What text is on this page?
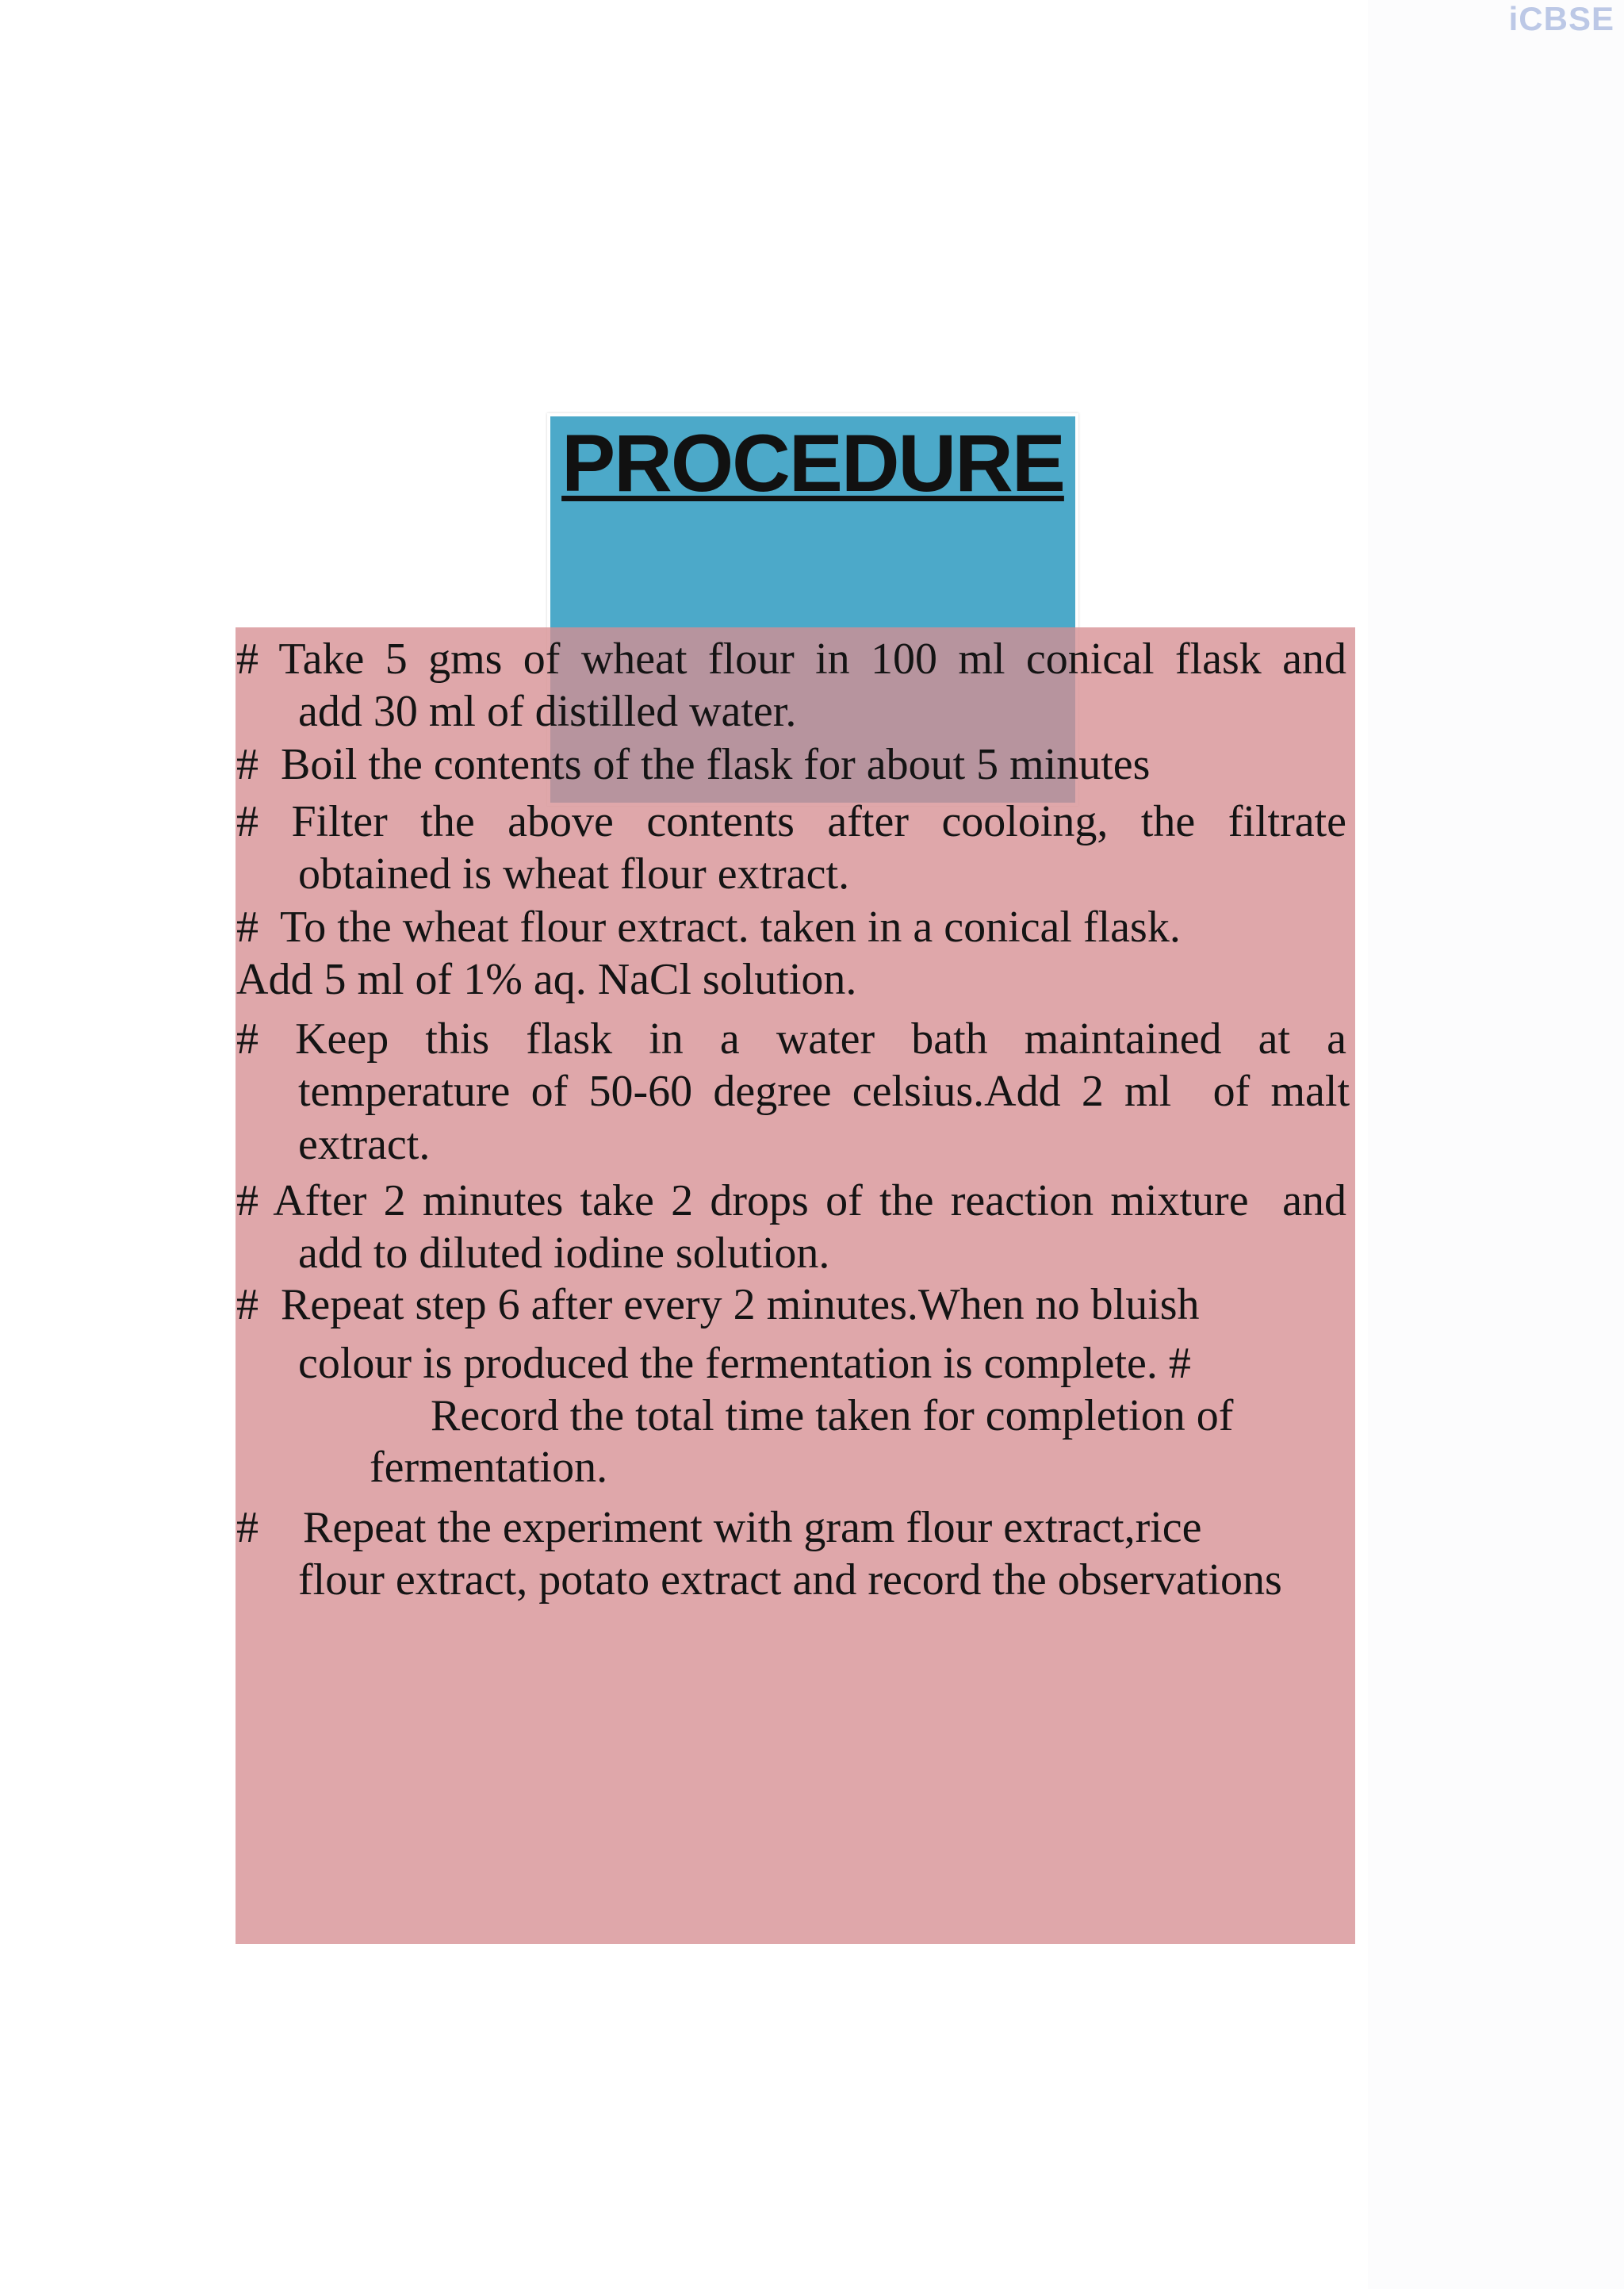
iCBSE
PROCEDURE

# Take 5 gms of wheat flour in 100 ml conical flask and

add 30 ml of distilled water.

#  Boil the contents of the flask for about 5 minutes

# Filter the above contents after cooloing, the filtrate

obtained is wheat flour extract.

#  To the wheat flour extract. taken in a conical flask.

Add 5 ml of 1% aq. NaCl solution.

# Keep this flask in a water bath maintained at a

temperature of 50-60 degree celsius.Add 2 ml  of malt

extract.

# After 2 minutes take 2 drops of the reaction mixture  and

add to diluted iodine solution.

#  Repeat step 6 after every 2 minutes.When no bluish

colour is produced the fermentation is complete. #

Record the total time taken for completion of

fermentation.

#    Repeat the experiment with gram flour extract,rice

flour extract, potato extract and record the observations
